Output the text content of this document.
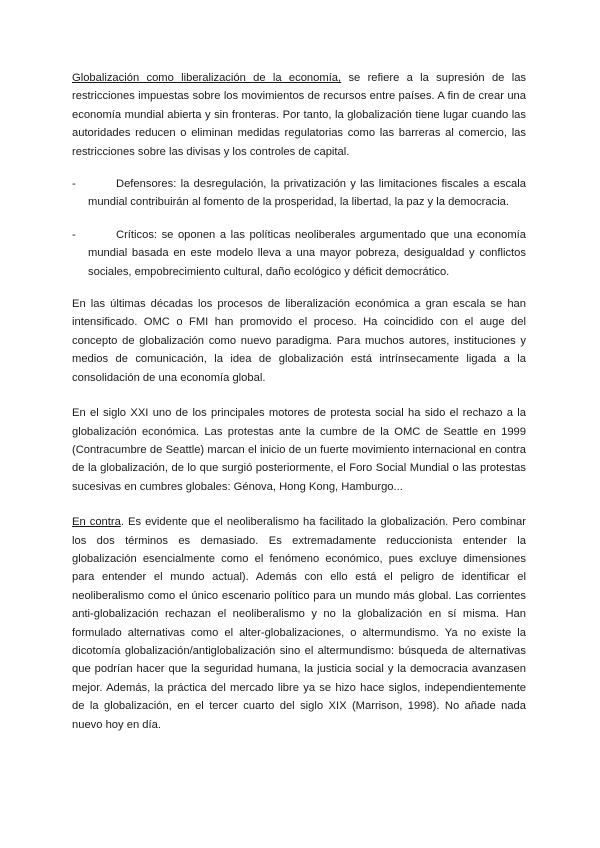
Globalización como liberalización de la economía, se refiere a la supresión de las restricciones impuestas sobre los movimientos de recursos entre países. A fin de crear una economía mundial abierta y sin fronteras. Por tanto, la globalización tiene lugar cuando las autoridades reducen o eliminan medidas regulatorias como las barreras al comercio, las restricciones sobre las divisas y los controles de capital.

-	Defensores: la desregulación, la privatización y las limitaciones fiscales a escala mundial contribuirán al fomento de la prosperidad, la libertad, la paz y la democracia.
-	Críticos: se oponen a las políticas neoliberales argumentado que una economía mundial basada en este modelo lleva a una mayor pobreza, desigualdad y conflictos sociales, empobrecimiento cultural, daño ecológico y déficit democrático.

En las últimas décadas los procesos de liberalización económica a gran escala se han intensificado. OMC o FMI han promovido el proceso. Ha coincidido con el auge del concepto de globalización como nuevo paradigma. Para muchos autores, instituciones y medios de comunicación, la idea de globalización está intrínsecamente ligada a la consolidación de una economía global.

En el siglo XXI uno de los principales motores de protesta social ha sido el rechazo a la globalización económica. Las protestas ante la cumbre de la OMC de Seattle en 1999 (Contracumbre de Seattle) marcan el inicio de un fuerte movimiento internacional en contra de la globalización, de lo que surgió posteriormente, el Foro Social Mundial o las protestas sucesivas en cumbres globales: Génova, Hong Kong, Hamburgo...

En contra. Es evidente que el neoliberalismo ha facilitado la globalización. Pero combinar los dos términos es demasiado. Es extremadamente reduccionista entender la globalización esencialmente como el fenómeno económico, pues excluye dimensiones para entender el mundo actual). Además con ello está el peligro de identificar el neoliberalismo como el único escenario político para un mundo más global. Las corrientes anti-globalización rechazan el neoliberalismo y no la globalización en sí misma. Han formulado alternativas como el alter-globalizaciones, o altermundismo. Ya no existe la dicotomía globalización/antiglobalización sino el altermundismo: búsqueda de alternativas que podrían hacer que la seguridad humana, la justicia social y la democracia avanzasen mejor. Además, la práctica del mercado libre ya se hizo hace siglos, independientemente de la globalización, en el tercer cuarto del siglo XIX (Marrison, 1998). No añade nada nuevo hoy en día.
